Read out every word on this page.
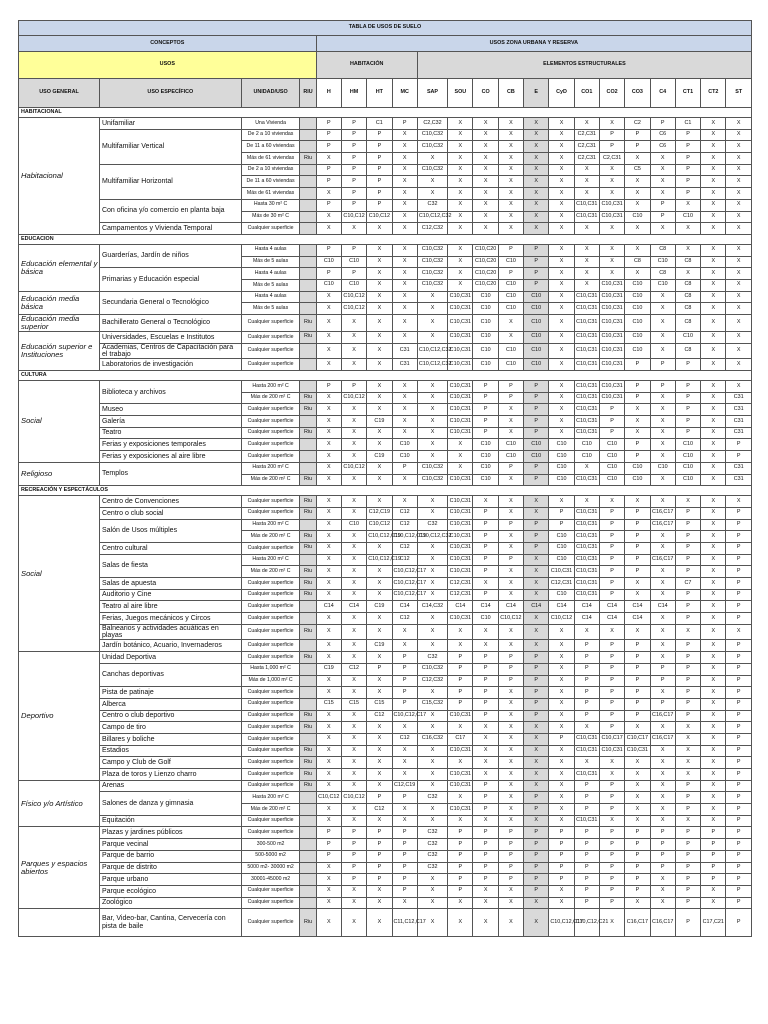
TABLA DE USOS DE SUELO																				
CONCEPTOS				USOS ZONA URBANA Y RESERVA																
USOS				HABITACIÓN				ELEMENTOS ESTRUCTURALES												
USO GENERAL	USO ESPECÍFICO	UNIDAD/USO	RIU	H	HM	HT	MC	SAP	SOU	CO	CB	E	CyD	CO1	CO2	CO3	C4	CT1	CT2	ST
HABITACIONAL																				
Habitacional	Unifamiliar	Una Vivienda		P	P	C1	P	C2,C32	X	X	X	X	X	X	X	C2	P	C1	X	X
	Multifamiliar Vertical	De 2 a 10 viviendas		P	P	P	X	C10,C32	X	X	X	X	X	C2,C31	P	P	C6	P	X	X
		De 11 a 60 viviendas		P	P	P	X	C10,C32	X	X	X	X	X	C2,C31	P	P	C6	P	X	X
		Más de 61 viviendas	Riu	X	P	P	X	X	X	X	X	X	X	C2,C31	C2,C31	X	X	P	X	X
	Multifamiliar Horizontal	De 2 a 10 viviendas		P	P	P	X	C10,C32	X	X	X	X	X	X	X	C5	X	P	X	X
		De 11 a 60 viviendas		P	P	P	X	X	X	X	X	X	X	X	X	X	X	P	X	X
		Más de 61 viviendas		X	P	P	X	X	X	X	X	X	X	X	X	X	X	P	X	X
	Con oficina y/o comercio en planta baja	Hasta 30 m² C		P	P	P	X	C32	X	X	X	X	X	C10,C31	C10,C31	X	P	X	X	X
		Más de 30 m² C		X	C10,C12	C10,C12	X	C10,C12,C32	X	X	X	X	X	C10,C31	C10,C31	C10	P	C10	X	X
	Campamentos y Vivienda Temporal	Cualquier superficie		X	X	X	X	C12,C32	X	X	X	X	X	X	X	X	X	X	X	X
EDUCACION																				
Educación elemental y básica	Guarderías, Jardín de niños	Hasta 4 aulas		P	P	X	X	C10,C32	X	C10,C20	P	P	X	X	X	X	C8	X	X	X
		Más de 5 aulas		C10	C10	X	X	C10,C32	X	C10,C20	C10	P	X	X	X	C8	C10	C8	X	X
	Primarias y Educación especial	Hasta 4 aulas		P	P	X	X	C10,C32	X	C10,C20	P	P	X	X	X	X	C8	X	X	X
		Más de 5 aulas		C10	C10	X	X	C10,C32	X	C10,C20	C10	P	X	X	C10,C31	C10	C10	C8	X	X
Educación media básica	Secundaria General o Tecnológico	Hasta 4 aulas		X	C10,C12	X	X	X	C10,C31	C10	C10	C10	X	C10,C31	C10,C31	C10	X	C8	X	X
		Más de 5 aulas		X	C10,C12	X	X	X	C10,C31	C10	C10	C10	X	C10,C31	C10,C31	C10	X	C8	X	X
Educación media superior	Bachillerato General o Tecnológico	Cualquier superficie	Riu	X	X	X	X	X	C10,C31	C10	X	C10	X	C10,C31	C10,C31	C10	X	C8	X	X
Educación superior e Instituciones	Universidades, Escuelas e Institutos	Cualquier superficie	Riu	X	X	X	X	X	C10,C31	C10	X	C10	X	C10,C31	C10,C31	C10	X	C10	X	X
	Academias, Centros de Capacitación para el trabajo	Cualquier superficie		X	X	X	C31	C10,C12,C32	C10,C31	C10	C10	C10	X	C10,C31	C10,C31	C10	X	C8	X	X
	Laboratorios de investigación	Cualquier superficie		X	X	X	C31	C10,C12,C32	C10,C31	C10	C10	C10	X	C10,C31	C10,C31	P	P	P	X	X
CULTURA																				
Social	Biblioteca y archivos	Hasta 200 m² C		P	P	X	X	X	C10,C31	P	P	P	X	C10,C31	C10,C31	P	P	P	X	X
		Más de 200 m² C	Riu	X	C10,C12	X	X	X	C10,C31	P	P	P	X	C10,C31	C10,C31	P	X	P	X	C31
	Museo	Cualquier superficie	Riu	X	X	X	X	X	C10,C31	P	X	P	X	C10,C31	P	X	X	P	X	C31
	Galería	Cualquier superficie		X	X	C19	X	X	C10,C31	P	X	P	X	C10,C31	P	X	X	P	X	C31
	Teatro	Cualquier superficie	Riu	X	X	X	X	X	C10,C31	P	X	P	X	C10,C31	P	X	X	P	X	C31
	Ferias y exposiciones temporales	Cualquier superficie		X	X	X	C10	X	X	C10	C10	C10	C10	C10	C10	P	X	C10	X	P
	Ferias y exposiciones al aire libre	Cualquier superficie		X	X	C19	C10	X	X	C10	C10	C10	C10	C10	C10	P	X	C10	X	P
Religioso	Templos	Hasta 200 m² C		X	C10,C12	X	P	C10,C32	X	C10	P	P	C10	X	C10	C10	C10	C10	X	C31
		Más de 200 m² C	Riu	X	X	X	X	C10,C32	C10,C31	C10	X	P	C10	C10,C31	C10	C10	X	C10	X	C31
RECREACIÓN Y ESPECTÁCULOS																				
Social	Centro de Convenciones	Cualquier superficie	Riu	X	X	X	X	X	C10,C31	X	X	X	X	X	X	X	X	X	X	X
	Centro o club social	Cualquier superficie	Riu	X	X	C12,C19	C12	X	C10,C31	P	X	X	P	C10,C31	P	P	C16,C17	P	X	P
	Salón de Usos múltiples	Hasta 200 m² C		X	C10	C10,C12	C12	C32	C10,C31	P	P	P	P	C10,C31	P	P	C16,C17	P	X	P
		Más de 200 m² C	Riu	X	X	C10,C12,C19	C10,C12,C19	C10,C12,C32	C10,C31	P	X	P	C10	C10,C31	P	P	X	P	X	P
	Centro cultural	Cualquier superficie	Riu	X	X	X	C12	X	C10,C31	P	X	P	C10	C10,C31	P	P	X	P	X	P
	Salas de fiesta	Hasta 200 m² C		X	X	C10,C12,C19	C12	X	C10,C31	P	P	X	C10	C10,C31	P	P	C16,C17	P	X	P
		Más de 200 m² C	Riu	X	X	X	C10,C12,C17	X	C10,C31	P	X	X	C10,C31	C10,C31	P	P	X	P	X	P
	Salas de apuesta	Cualquier superficie	Riu	X	X	X	C10,C12,C17	X	C12,C31	X	X	X	C12,C31	C10,C31	P	X	X	C7	X	P
	Auditorio y Cine	Cualquier superficie	Riu	X	X	X	C10,C12,C17	X	C12,C31	P	X	X	C10	C10,C31	P	X	X	P	X	P
	Teatro al aire libre	Cualquier superficie		C14	C14	C19	C14	C14,C32	C14	C14	C14	C14	C14	C14	C14	C14	C14	P	X	P
	Ferias, Juegos mecánicos y Circos	Cualquier superficie		X	X	X	C12	X	C10,C31	C10	C10,C12	X	C10,C12	C14	C14	C14	X	P	X	P
	Balnearios y actividades acuáticas en playas	Cualquier superficie	Riu	X	X	X	X	X	X	X	X	X	X	X	X	X	X	X	X	X
	Jardín botánico, Acuario, Invernaderos	Cualquier superficie		X	X	C19	X	X	X	X	X	X	X	P	P	P	X	P	X	P
Deportivo	Unidad Deportiva	Cualquier superficie	Riu	X	X	X	P	C32	P	P	P	P	X	P	P	P	X	P	X	P
	Canchas deportivas	Hasta 1,000 m² C		C19	C12	P	P	C10,C32	P	P	P	P	X	P	P	P	P	P	X	P
		Más de 1,000 m² C		X	X	X	P	C12,C32	P	P	P	P	X	P	P	P	P	P	X	P
	Pista de patinaje	Cualquier superficie		X	X	X	P	X	P	P	X	P	X	P	P	P	X	P	X	P
	Alberca	Cualquier superficie		C15	C15	C15	P	C15,C32	P	P	X	P	X	P	P	P	P	P	X	P
	Centro o club deportivo	Cualquier superficie	Riu	X	X	C12	C10,C12,C17	X	C10,C31	P	X	P	X	P	P	P	C16,C17	P	X	P
	Campo de tiro	Cualquier superficie	Riu	X	X	X	X	X	X	X	X	X	X	X	P	X	X	X	X	P
	Billares y boliche	Cualquier superficie		X	X	X	C12	C16,C32	C17	X	X	X	P	C10,C31	C10,C17	C10,C17	C16,C17	X	X	P
	Estadios	Cualquier superficie	Riu	X	X	X	X	X	C10,C31	X	X	X	X	C10,C31	C10,C31	C10,C31	X	X	X	P
	Campo y Club de Golf	Cualquier superficie	Riu	X	X	X	X	X	X	X	X	X	X	X	X	X	X	X	X	P
	Plaza de toros y Lienzo charro	Cualquier superficie	Riu	X	X	X	X	X	C10,C31	X	X	X	X	C10,C31	X	X	X	X	X	P
Físico y/o Artístico	Arenas	Cualquier superficie	Riu	X	X	X	C12,C19	X	C10,C31	P	X	X	X	P	P	X	X	P	X	P
	Salones de danza y gimnasia	Hasta 200 m² C		C10,C12	C10,C12	P	P	C32	X	P	X	P	X	P	P	X	X	P	X	P
		Más de 200 m² C		X	X	C12	X	X	C10,C31	P	X	P	X	P	P	X	X	P	X	P
	Equitación	Cualquier superficie		X	X	X	X	X	X	X	X	X	X	C10,C31	X	X	X	X	X	P
Parques y espacios abiertos	Plazas y jardines públicos	Cualquier superficie		P	P	P	P	C32	P	P	P	P	P	P	P	P	P	P	P	P
	Parque vecinal	300-500 m2		P	P	P	P	C32	P	P	P	P	P	P	P	P	P	P	P	P
	Parque de barrio	500-5000 m2		P	P	P	P	C32	P	P	P	P	P	P	P	P	P	P	P	P
	Parque de distrito	5000 m2- 30000 m2		X	P	P	P	C32	P	P	P	P	P	P	P	P	P	P	P	P
	Parque urbano	30001-45000 m2		X	P	P	P	X	P	P	P	P	P	P	P	P	X	P	P	P
	Parque ecológico	Cualquier superficie		X	X	X	P	X	P	X	X	P	X	P	P	P	X	P	X	P
	Zoológico	Cualquier superficie		X	X	X	X	X	X	X	X	X	X	P	P	X	X	P	X	P
	Bar, Video-bar, Cantina, Cervecería con pista de baile	Cualquier superficie	Riu	X	X	X	C11,C12,C17	X	X	X	X	X	C10,C12,C17	C10,C12,C21	X	C16,C17	C16,C17	P	C17,C21	P
